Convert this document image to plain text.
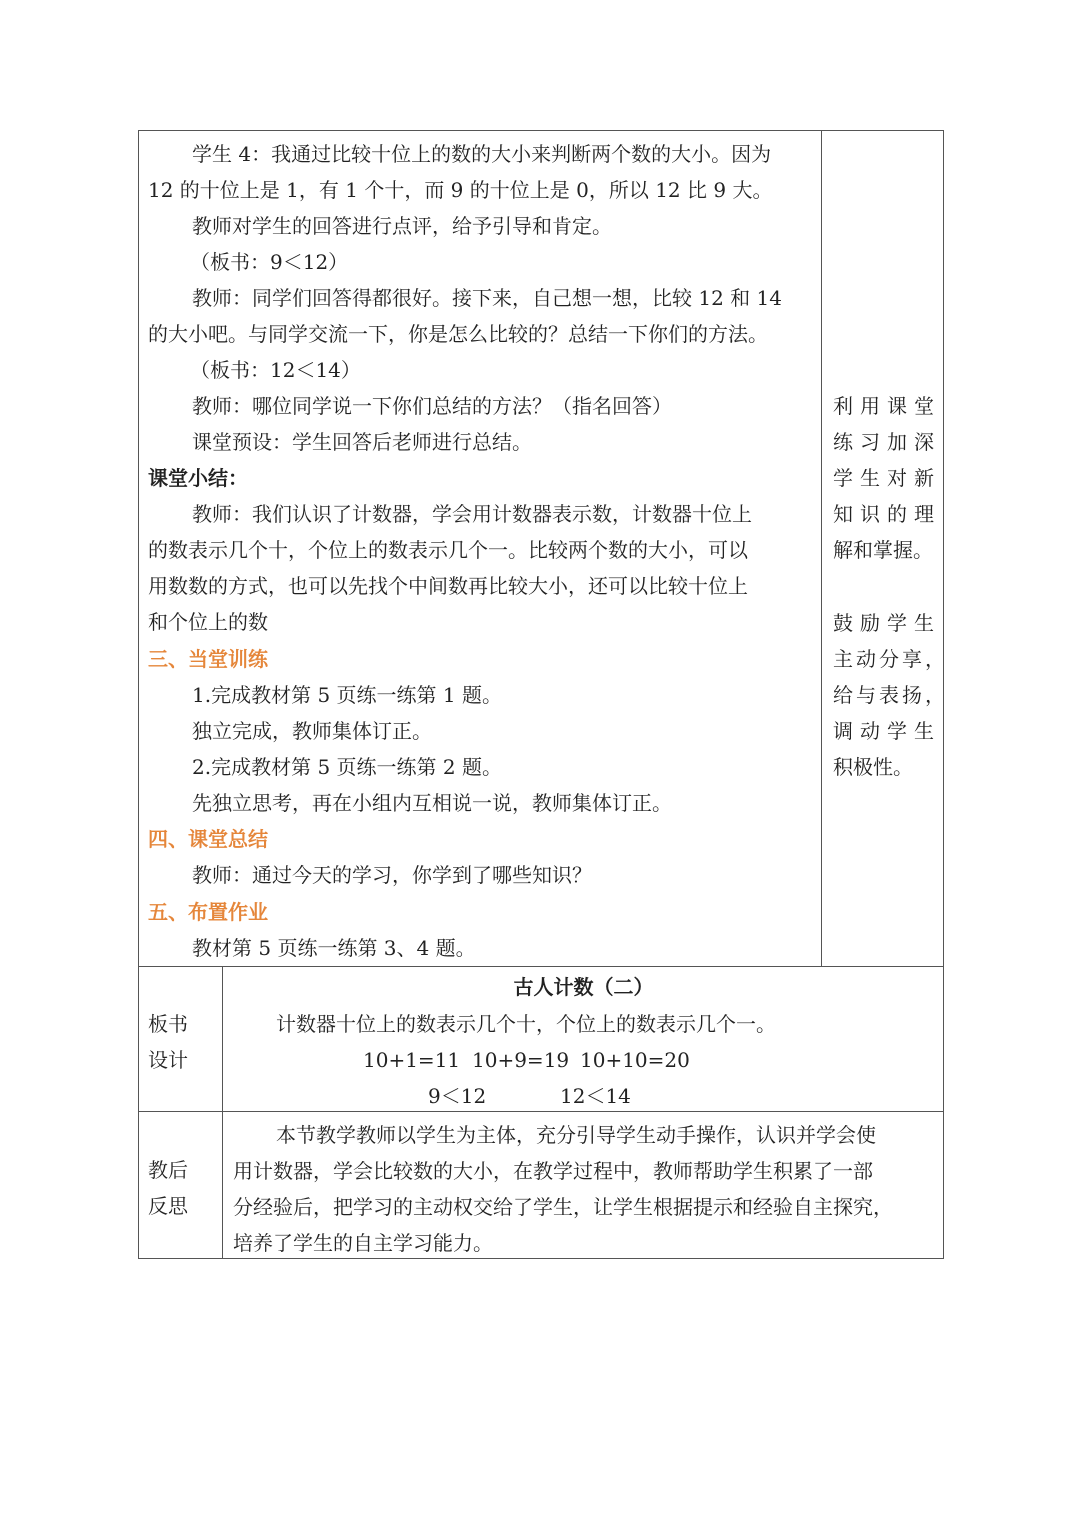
学生 4：我通过比较十位上的数的大小来判断两个数的大小。因为
12 的十位上是 1，有 1 个十，而 9 的十位上是 0，所以 12 比 9 大。
教师对学生的回答进行点评，给予引导和肯定。
（板书：9＜12）
教师：同学们回答得都很好。接下来，自己想一想，比较 12 和 14
的大小吧。与同学交流一下，你是怎么比较的？总结一下你们的方法。
（板书：12＜14）
教师：哪位同学说一下你们总结的方法？（指名回答）
课堂预设：学生回答后老师进行总结。
课堂小结：
教师：我们认识了计数器，学会用计数器表示数，计数器十位上
的数表示几个十，个位上的数表示几个一。比较两个数的大小，可以
用数数的方式，也可以先找个中间数再比较大小，还可以比较十位上
和个位上的数
三、当堂训练
1.完成教材第 5 页练一练第 1 题。
独立完成，教师集体订正。
2.完成教材第 5 页练一练第 2 题。
先独立思考，再在小组内互相说一说，教师集体订正。
四、课堂总结
教师：通过今天的学习，你学到了哪些知识？
五、布置作业
教材第 5 页练一练第 3、4 题。
利用课堂
练习加深
学生对新
知识的理
解和掌握。
鼓励学生
主动分享，
给与表扬，
调动学生
积极性。
板书
设计
古人计数（二）
计数器十位上的数表示几个十，个位上的数表示几个一。
10+1=11 10+9=19 10+10=20
9＜12	12＜14
教后
反思
本节教学教师以学生为主体，充分引导学生动手操作，认识并学会使
用计数器，学会比较数的大小，在教学过程中，教师帮助学生积累了一部
分经验后，把学习的主动权交给了学生，让学生根据提示和经验自主探究，
培养了学生的自主学习能力。
